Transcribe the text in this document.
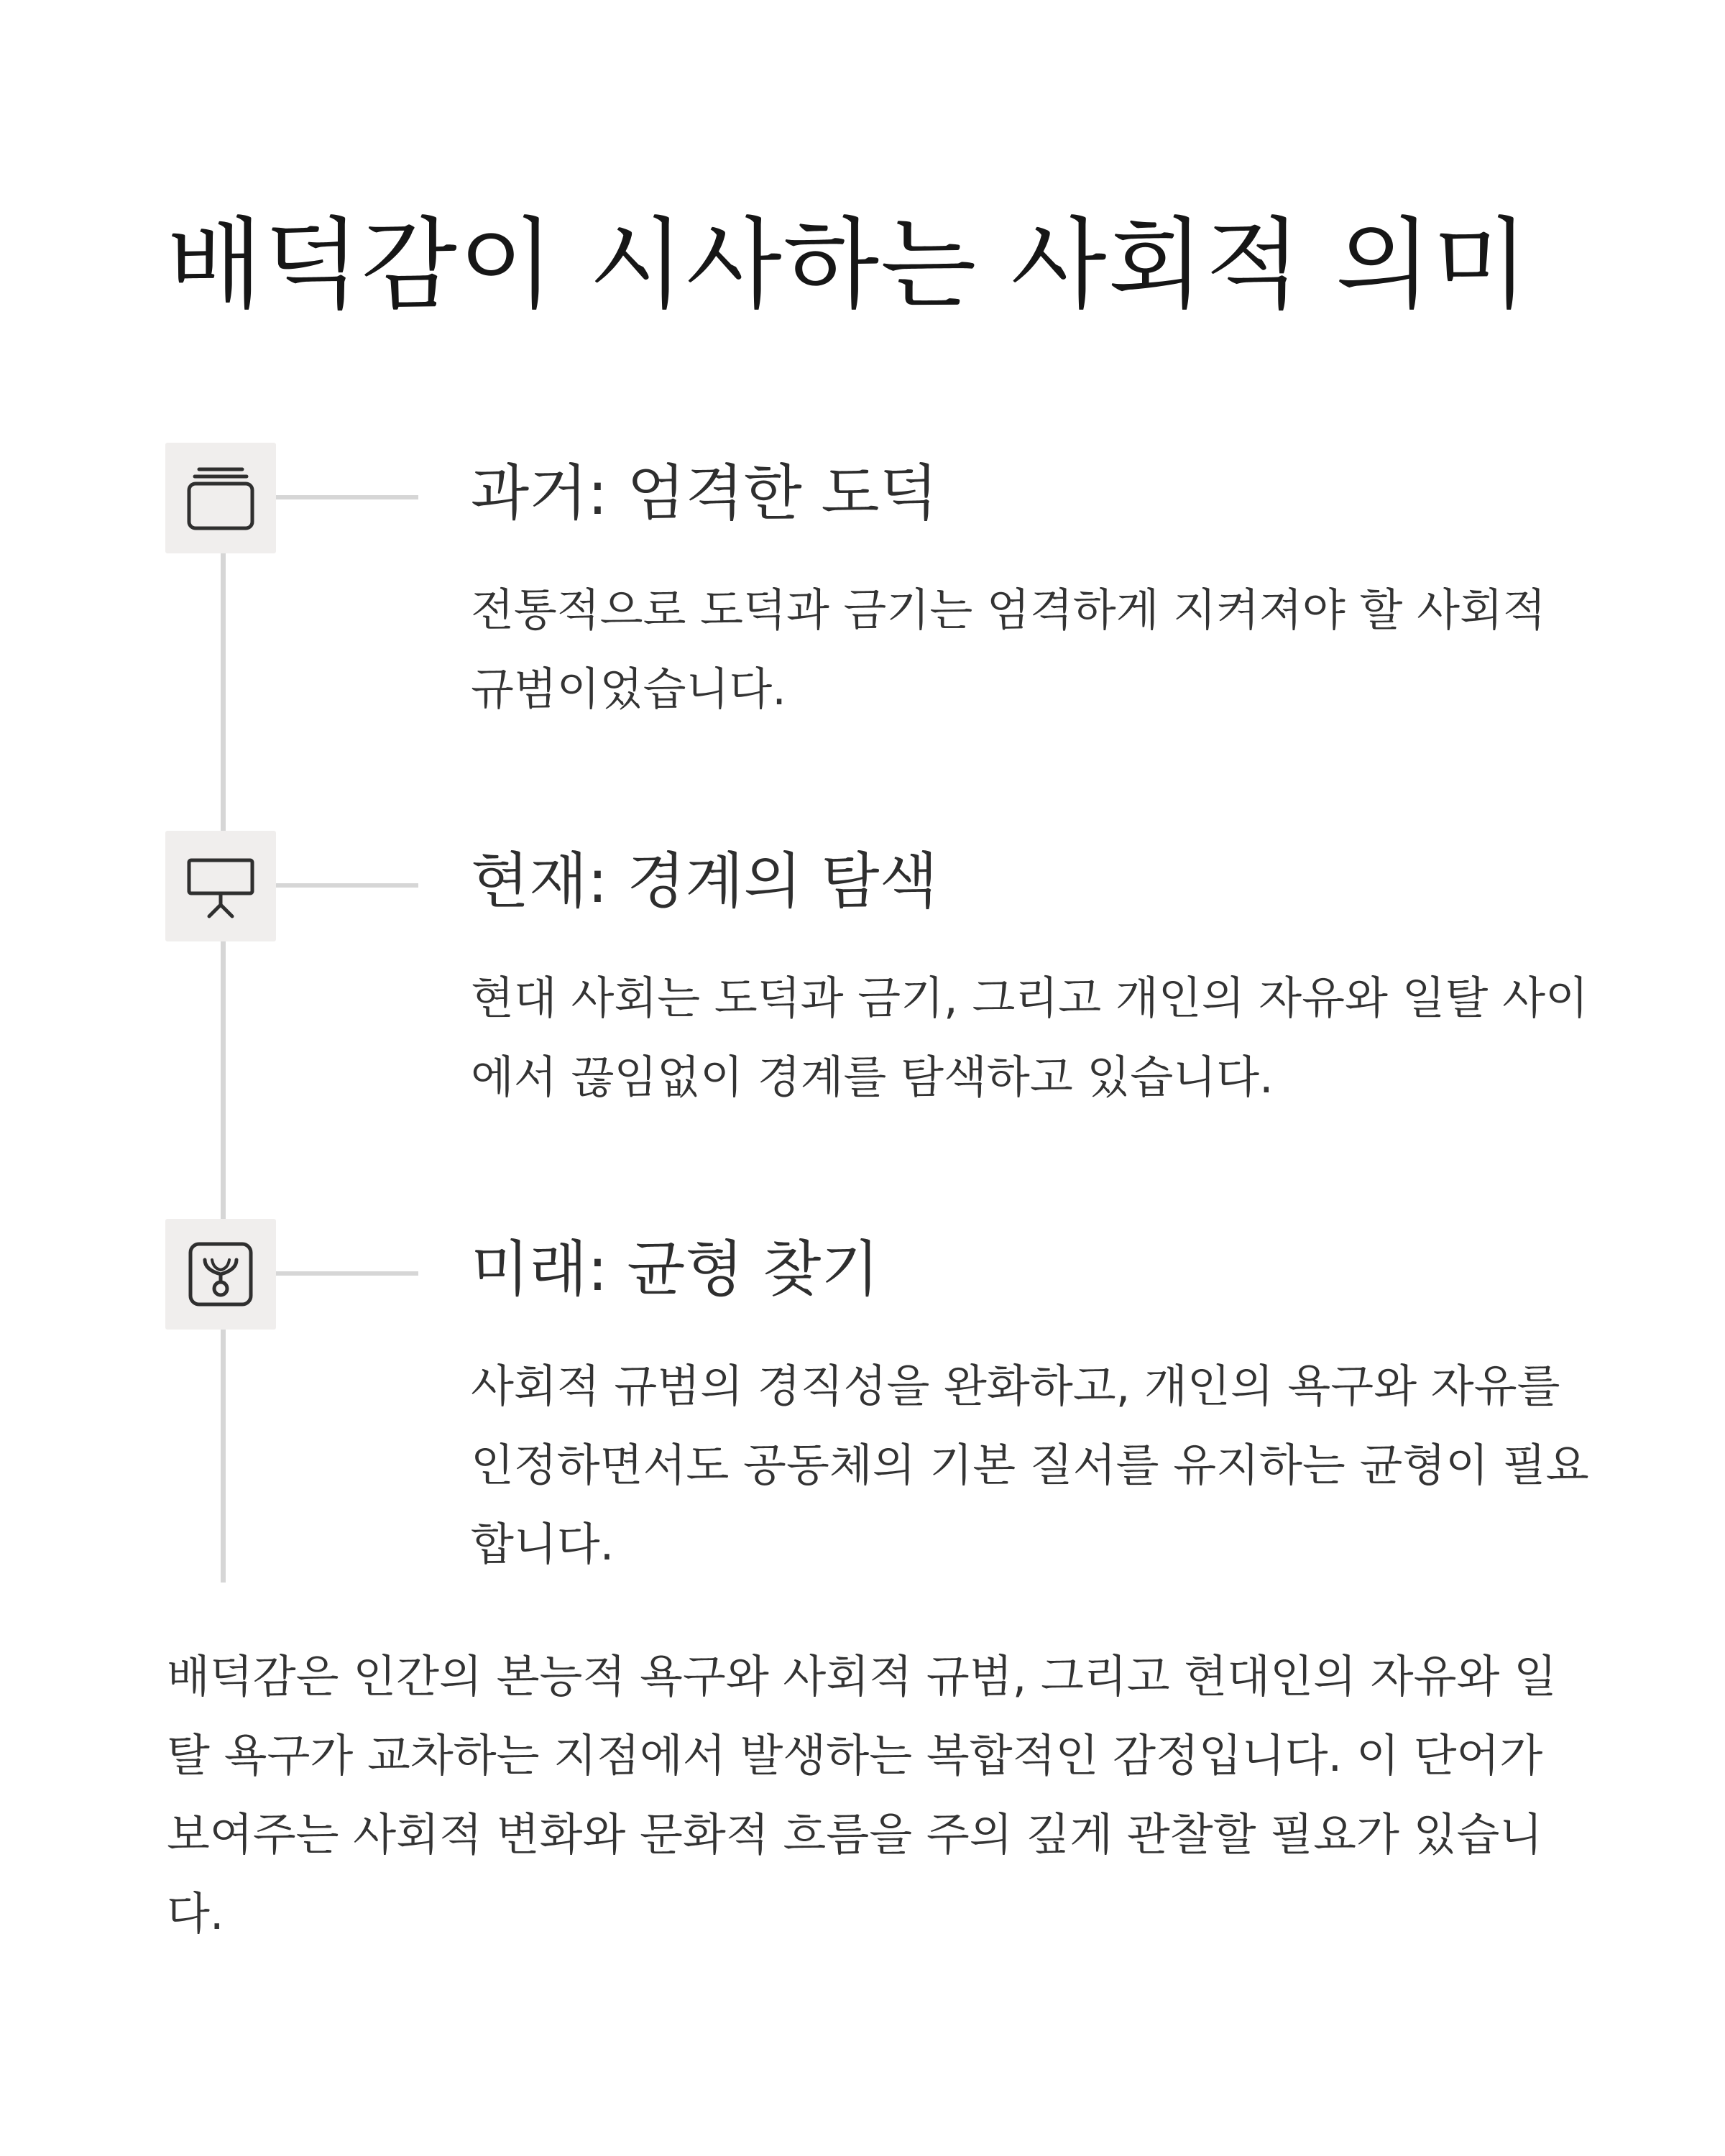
배덕감이 시사하는 사회적 의미
과거: 엄격한 도덕

전통적으로 도덕과 금기는 엄격하게 지켜져야 할 사회적 규범이었습니다.

현재: 경계의 탐색

현대 사회는 도덕과 금기, 그리고 개인의 자유와 일탈 사이에서 끊임없이 경계를 탐색하고 있습니다.

미래: 균형 찾기

사회적 규범의 경직성을 완화하고, 개인의 욕구와 자유를 인정하면서도 공동체의 기본 질서를 유지하는 균형이 필요합니다.

배덕감은 인간의 본능적 욕구와 사회적 규범, 그리고 현대인의 자유와 일탈 욕구가 교차하는 지점에서 발생하는 복합적인 감정입니다. 이 단어가 보여주는 사회적 변화와 문화적 흐름을 주의 깊게 관찰할 필요가 있습니다.
